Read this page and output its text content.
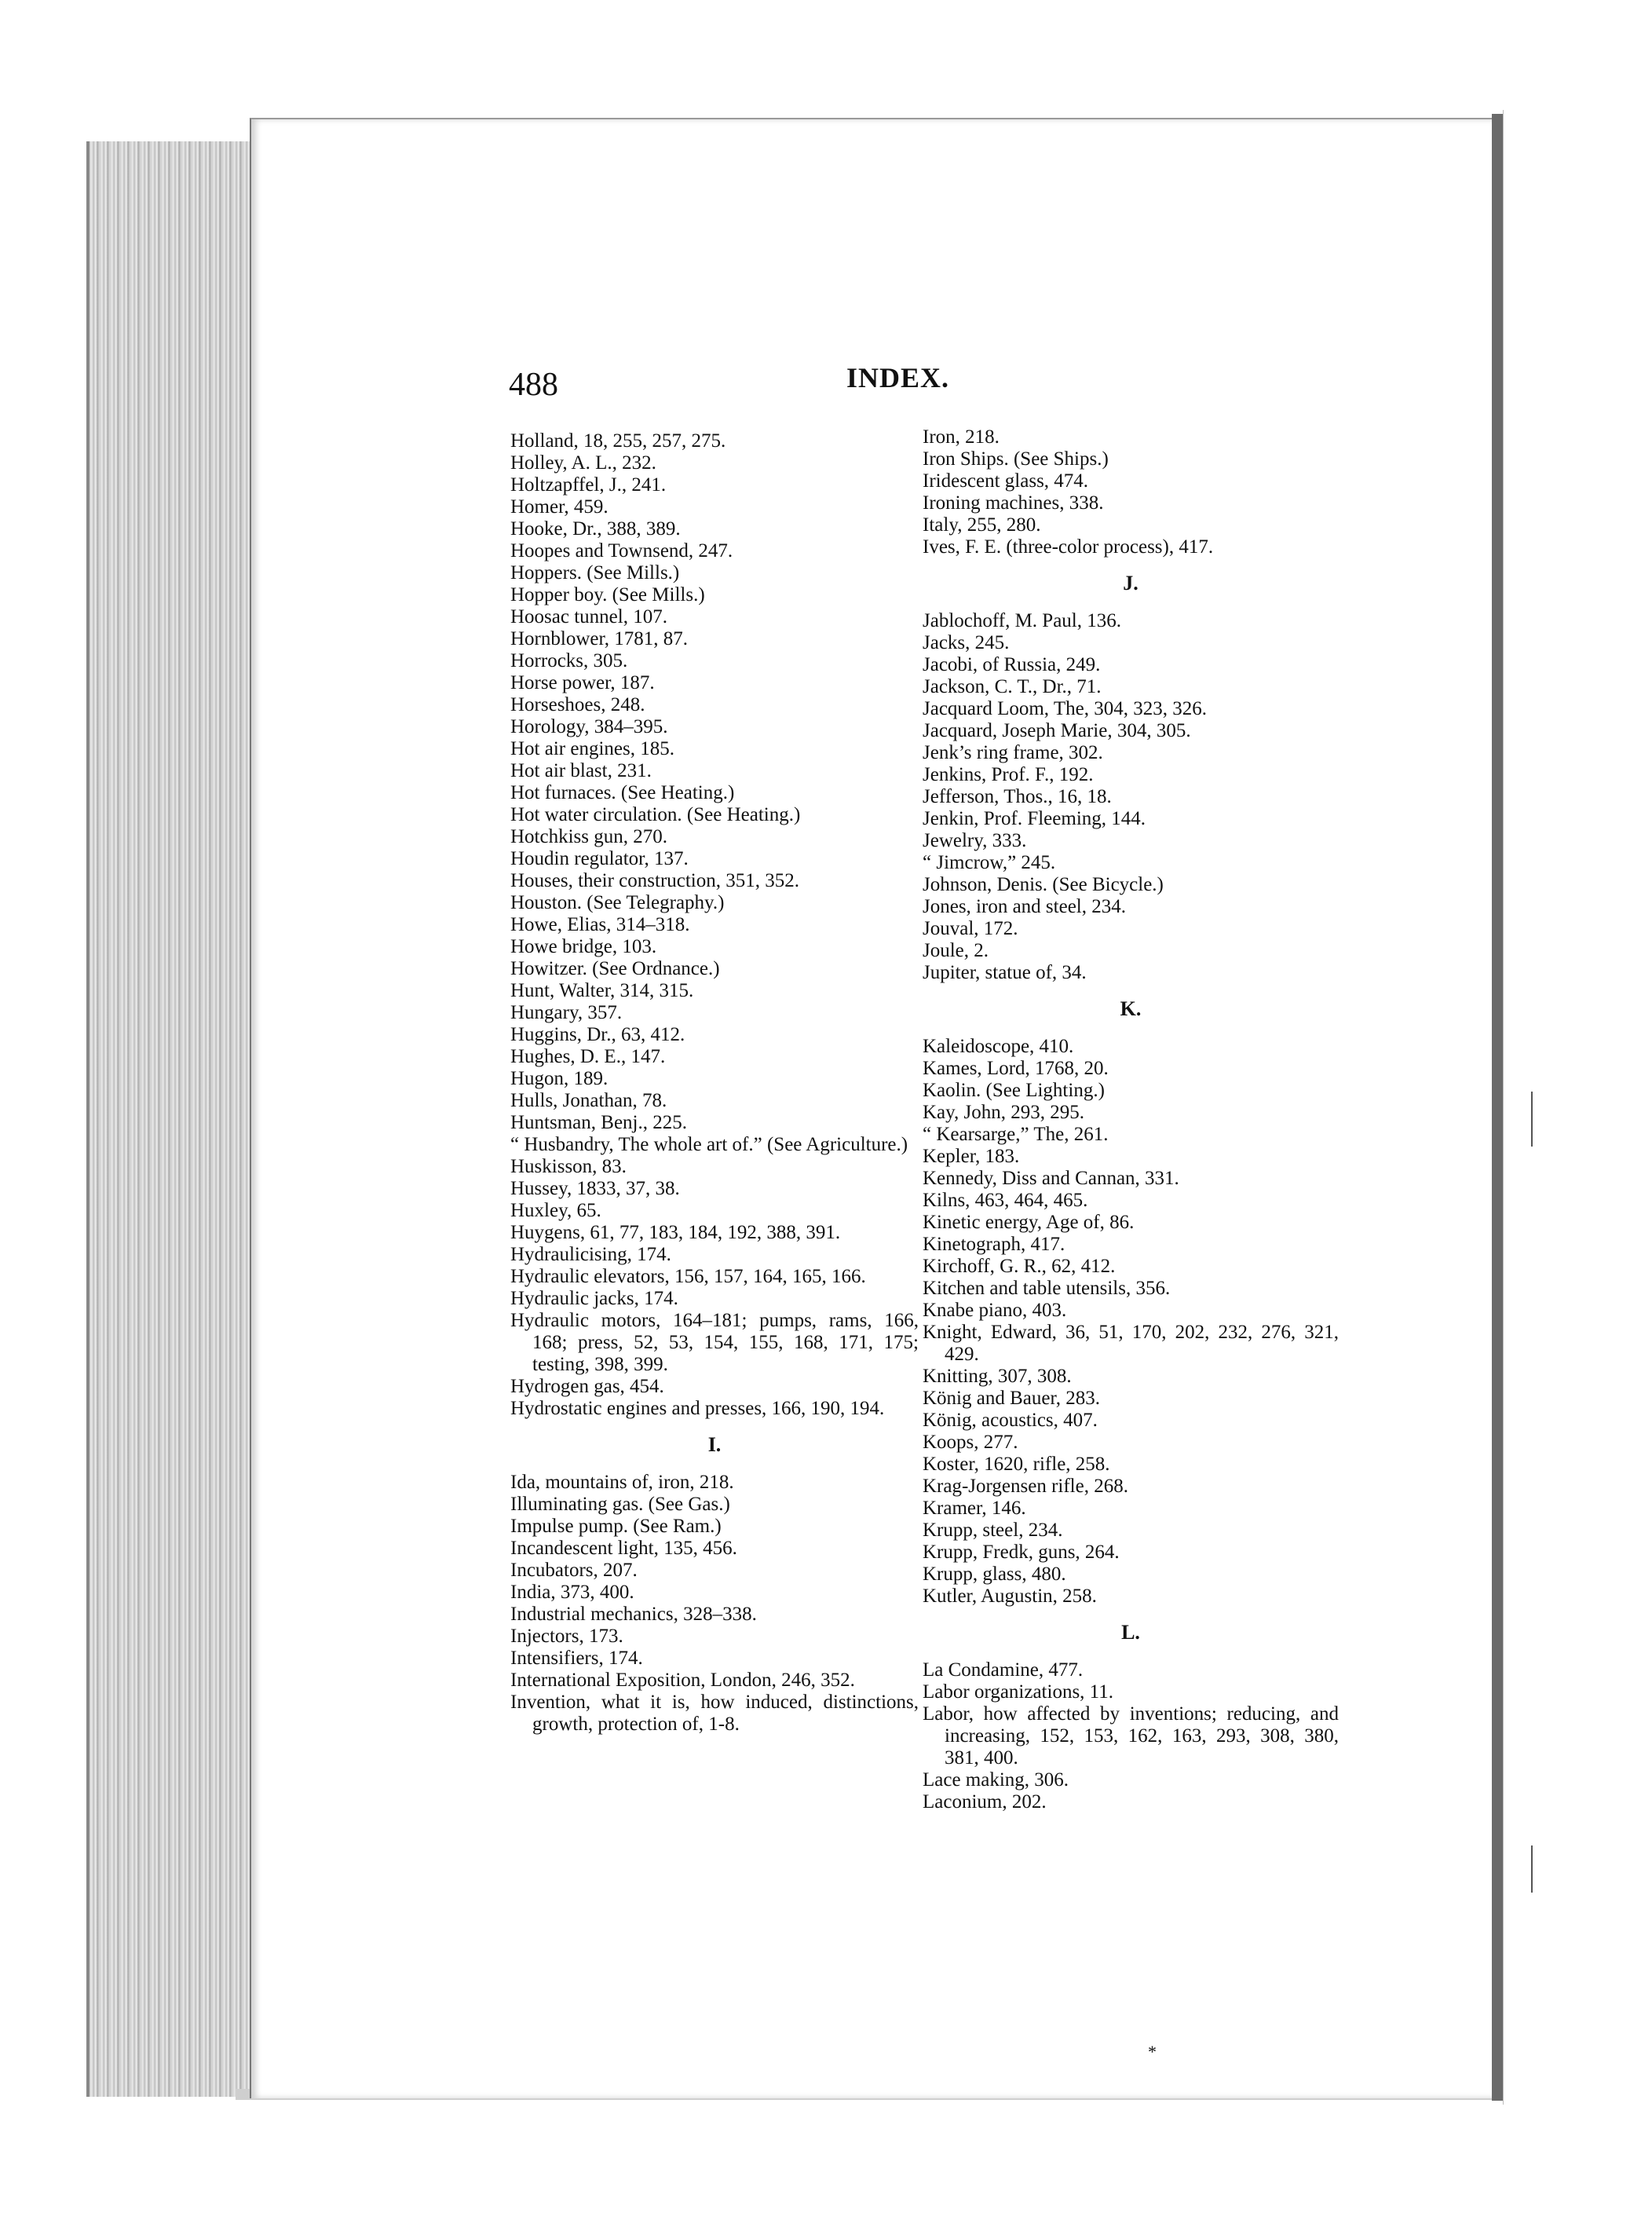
488	INDEX.
Holland, 18, 255, 257, 275.
Holley, A. L., 232.
Holtzapffel, J., 241.
Homer, 459.
Hooke, Dr., 388, 389.
Hoopes and Townsend, 247.
Hoppers. (See Mills.)
Hopper boy. (See Mills.)
Hoosac tunnel, 107.
Hornblower, 1781, 87.
Horrocks, 305.
Horse power, 187.
Horseshoes, 248.
Horology, 384–395.
Hot air engines, 185.
Hot air blast, 231.
Hot furnaces. (See Heating.)
Hot water circulation. (See Heating.)
Hotchkiss gun, 270.
Houdin regulator, 137.
Houses, their construction, 351, 352.
Houston. (See Telegraphy.)
Howe, Elias, 314–318.
Howe bridge, 103.
Howitzer. (See Ordnance.)
Hunt, Walter, 314, 315.
Hungary, 357.
Huggins, Dr., 63, 412.
Hughes, D. E., 147.
Hugon, 189.
Hulls, Jonathan, 78.
Huntsman, Benj., 225.
“ Husbandry, The whole art of.” (See Agriculture.)
Huskisson, 83.
Hussey, 1833, 37, 38.
Huxley, 65.
Huygens, 61, 77, 183, 184, 192, 388, 391.
Hydraulicising, 174.
Hydraulic elevators, 156, 157, 164, 165, 166.
Hydraulic jacks, 174.
Hydraulic motors, 164–181; pumps, rams, 166, 168; press, 52, 53, 154, 155, 168, 171, 175; testing, 398, 399.
Hydrogen gas, 454.
Hydrostatic engines and presses, 166, 190, 194.
I.
Ida, mountains of, iron, 218.
Illuminating gas. (See Gas.)
Impulse pump. (See Ram.)
Incandescent light, 135, 456.
Incubators, 207.
India, 373, 400.
Industrial mechanics, 328–338.
Injectors, 173.
Intensifiers, 174.
International Exposition, London, 246, 352.
Invention, what it is, how induced, distinctions, growth, protection of, 1-8.
Iron, 218.
Iron Ships. (See Ships.)
Iridescent glass, 474.
Ironing machines, 338.
Italy, 255, 280.
Ives, F. E. (three-color process), 417.
J.
Jablochoff, M. Paul, 136.
Jacks, 245.
Jacobi, of Russia, 249.
Jackson, C. T., Dr., 71.
Jacquard Loom, The, 304, 323, 326.
Jacquard, Joseph Marie, 304, 305.
Jenk’s ring frame, 302.
Jenkins, Prof. F., 192.
Jefferson, Thos., 16, 18.
Jenkin, Prof. Fleeming, 144.
Jewelry, 333.
“ Jimcrow,” 245.
Johnson, Denis. (See Bicycle.)
Jones, iron and steel, 234.
Jouval, 172.
Joule, 2.
Jupiter, statue of, 34.
K.
Kaleidoscope, 410.
Kames, Lord, 1768, 20.
Kaolin. (See Lighting.)
Kay, John, 293, 295.
“ Kearsarge,” The, 261.
Kepler, 183.
Kennedy, Diss and Cannan, 331.
Kilns, 463, 464, 465.
Kinetic energy, Age of, 86.
Kinetograph, 417.
Kirchoff, G. R., 62, 412.
Kitchen and table utensils, 356.
Knabe piano, 403.
Knight, Edward, 36, 51, 170, 202, 232, 276, 321, 429.
Knitting, 307, 308.
König and Bauer, 283.
König, acoustics, 407.
Koops, 277.
Koster, 1620, rifle, 258.
Krag-Jorgensen rifle, 268.
Kramer, 146.
Krupp, steel, 234.
Krupp, Fredk, guns, 264.
Krupp, glass, 480.
Kutler, Augustin, 258.
L.
La Condamine, 477.
Labor organizations, 11.
Labor, how affected by inventions; reducing, and increasing, 152, 153, 162, 163, 293, 308, 380, 381, 400.
Lace making, 306.
Laconium, 202.
*
